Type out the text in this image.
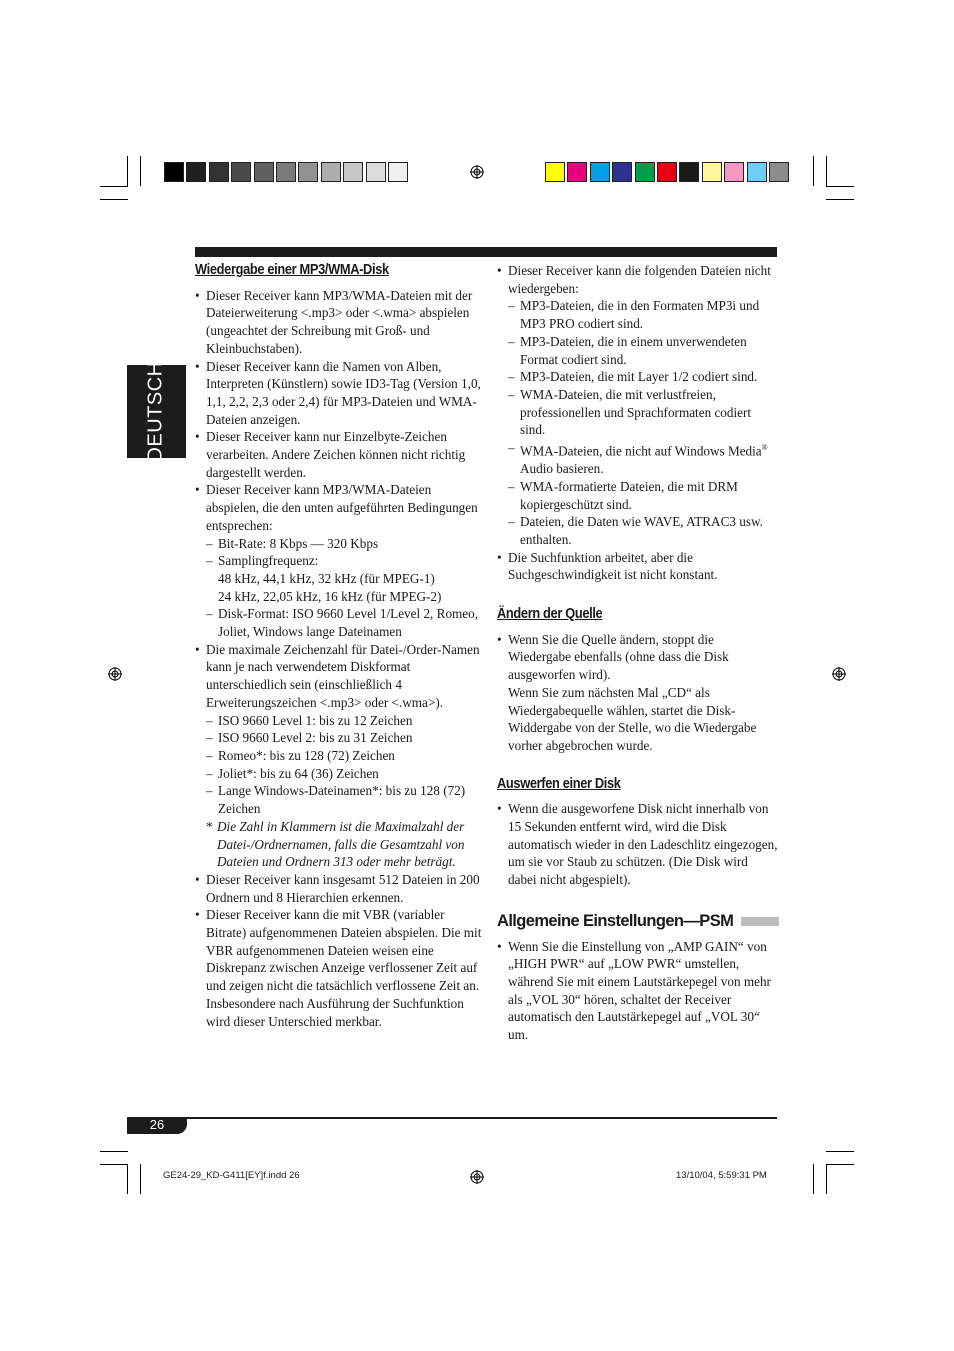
DEUTSCH
Wiedergabe einer MP3/WMA-Disk
• Dieser Receiver kann MP3/WMA-Dateien mit der Dateierweiterung <.mp3> oder <.wma> abspielen (ungeachtet der Schreibung mit Groß- und Kleinbuchstaben).
• Dieser Receiver kann die Namen von Alben, Interpreten (Künstlern) sowie ID3-Tag (Version 1,0, 1,1, 2,2, 2,3 oder 2,4) für MP3-Dateien und WMA-Dateien anzeigen.
• Dieser Receiver kann nur Einzelbyte-Zeichen verarbeiten. Andere Zeichen können nicht richtig dargestellt werden.
• Dieser Receiver kann MP3/WMA-Dateien abspielen, die den unten aufgeführten Bedingungen entsprechen:
– Bit-Rate: 8 Kbps — 320 Kbps
– Samplingfrequenz:
48 kHz, 44,1 kHz, 32 kHz (für MPEG-1)
24 kHz, 22,05 kHz, 16 kHz (für MPEG-2)
– Disk-Format: ISO 9660 Level 1/Level 2, Romeo, Joliet, Windows lange Dateinamen
• Die maximale Zeichenzahl für Datei-/Order-Namen kann je nach verwendetem Diskformat unterschiedlich sein (einschließlich 4 Erweiterungszeichen <.mp3> oder <.wma>).
– ISO 9660 Level 1: bis zu 12 Zeichen
– ISO 9660 Level 2: bis zu 31 Zeichen
– Romeo*: bis zu 128 (72) Zeichen
– Joliet*: bis zu 64 (36) Zeichen
– Lange Windows-Dateinamen*: bis zu 128 (72) Zeichen
* Die Zahl in Klammern ist die Maximalzahl der Datei-/Ordnernamen, falls die Gesamtzahl von Dateien und Ordnern 313 oder mehr beträgt.
• Dieser Receiver kann insgesamt 512 Dateien in 200 Ordnern und 8 Hierarchien erkennen.
• Dieser Receiver kann die mit VBR (variabler Bitrate) aufgenommenen Dateien abspielen. Die mit VBR aufgenommenen Dateien weisen eine Diskrepanz zwischen Anzeige verflossener Zeit auf und zeigen nicht die tatsächlich verflossene Zeit an. Insbesondere nach Ausführung der Suchfunktion wird dieser Unterschied merkbar.
• Dieser Receiver kann die folgenden Dateien nicht wiedergeben:
– MP3-Dateien, die in den Formaten MP3i und MP3 PRO codiert sind.
– MP3-Dateien, die in einem unverwendeten Format codiert sind.
– MP3-Dateien, die mit Layer 1/2 codiert sind.
– WMA-Dateien, die mit verlustfreien, professionellen und Sprachformaten codiert sind.
– WMA-Dateien, die nicht auf Windows Media® Audio basieren.
– WMA-formatierte Dateien, die mit DRM kopiergeschützt sind.
– Dateien, die Daten wie WAVE, ATRAC3 usw. enthalten.
• Die Suchfunktion arbeitet, aber die Suchgeschwindigkeit ist nicht konstant.
Ändern der Quelle
• Wenn Sie die Quelle ändern, stoppt die Wiedergabe ebenfalls (ohne dass die Disk ausgeworfen wird).
Wenn Sie zum nächsten Mal „CD“ als Wiedergabequelle wählen, startet die Disk-Widdergabe von der Stelle, wo die Wiedergabe vorher abgebrochen wurde.
Auswerfen einer Disk
• Wenn die ausgeworfene Disk nicht innerhalb von 15 Sekunden entfernt wird, wird die Disk automatisch wieder in den Ladeschlitz eingezogen, um sie vor Staub zu schützen. (Die Disk wird dabei nicht abgespielt).
Allgemeine Einstellungen—PSM
• Wenn Sie die Einstellung von „AMP GAIN“ von „HIGH PWR“ auf „LOW PWR“ umstellen, während Sie mit einem Lautstärkepegel von mehr als „VOL 30“ hören, schaltet der Receiver automatisch den Lautstärkepegel auf „VOL 30“ um.
26
GE24-29_KD-G411[EY]f.indd 26	13/10/04, 5:59:31 PM
